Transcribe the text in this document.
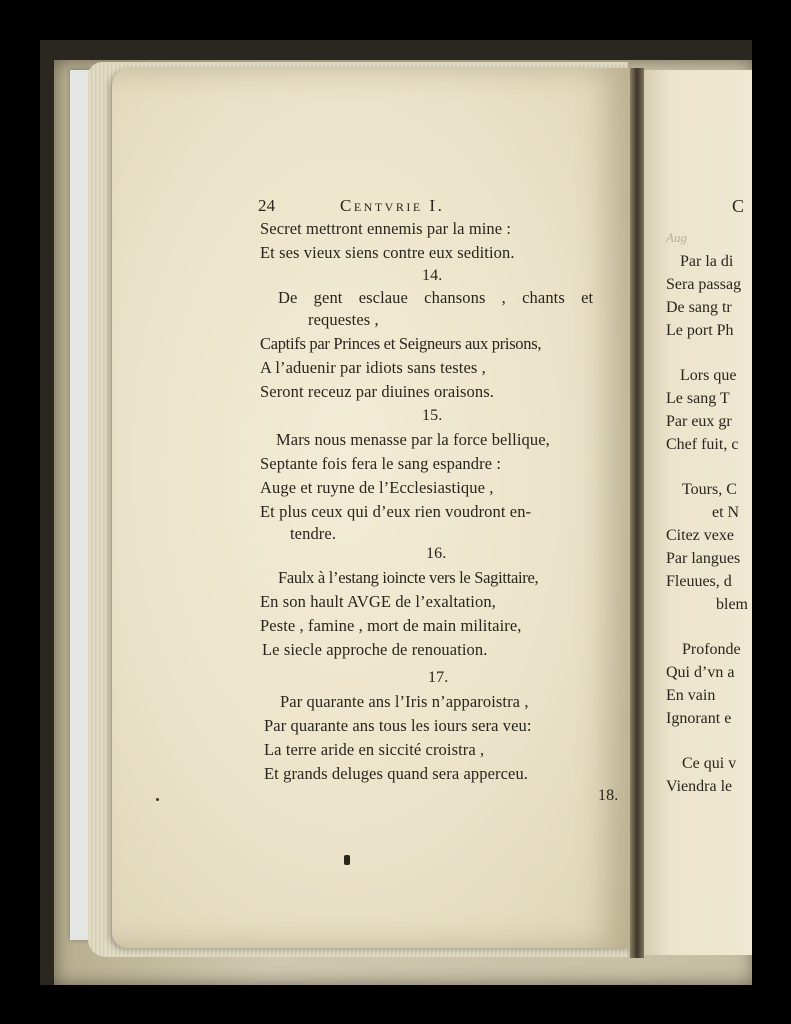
24	Centvrie I.
Secret mettront ennemis par la mine :
Et ses vieux siens contre eux sedition.
14.
De gent esclaue chansons , chants et
requestes ,
Captifs par Princes et Seigneurs aux prisons,
A l’aduenir par idiots sans testes ,
Seront receuz par diuines oraisons.
15.
Mars nous menasse par la force bellique,
Septante fois fera le sang espandre :
Auge et ruyne de l’Ecclesiastique ,
Et plus ceux qui d’eux rien voudront en-
tendre.
16.
Faulx à l’estang ioincte vers le Sagittaire,
En son hault AVGE de l’exaltation,
Peste , famine , mort de main militaire,
Le siecle approche de renouation.
17.
Par quarante ans l’Iris n’apparoistra ,
Par quarante ans tous les iours sera veu:
La terre aride en siccité croistra ,
Et grands deluges quand sera apperceu.
18.
C
Aug
Par la di
Sera passag
De sang tr
Le port Ph
Lors que
Le sang T
Par eux gr
Chef fuit, c
Tours, C
et N
Citez vexe
Par langues
Fleuues, d
blem
Profonde
Qui d’vn a
En vain
Ignorant e
Ce qui v
Viendra le
